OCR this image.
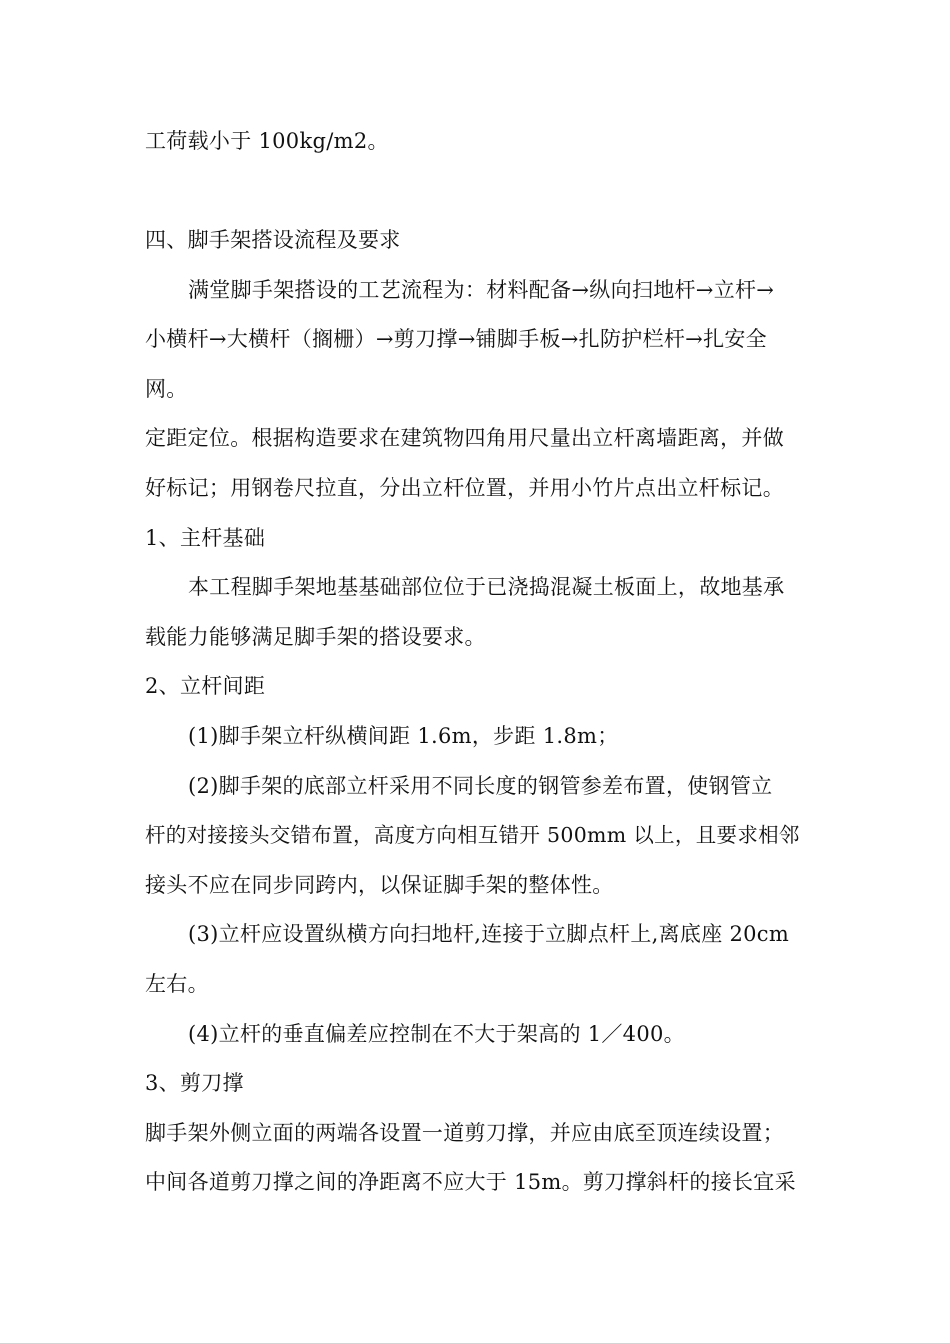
工荷载小于 100kg/m2。
四、脚手架搭设流程及要求
满堂脚手架搭设的工艺流程为：材料配备→纵向扫地杆→立杆→
小横杆→大横杆（搁栅）→剪刀撑→铺脚手板→扎防护栏杆→扎安全
网。
定距定位。根据构造要求在建筑物四角用尺量出立杆离墙距离，并做
好标记；用钢卷尺拉直，分出立杆位置，并用小竹片点出立杆标记。
1、主杆基础
本工程脚手架地基基础部位位于已浇捣混凝土板面上，故地基承
载能力能够满足脚手架的搭设要求。
2、立杆间距
(1)脚手架立杆纵横间距 1.6m，步距 1.8m；
(2)脚手架的底部立杆采用不同长度的钢管参差布置，使钢管立
杆的对接接头交错布置，高度方向相互错开 500mm 以上，且要求相邻
接头不应在同步同跨内，以保证脚手架的整体性。
(3)立杆应设置纵横方向扫地杆,连接于立脚点杆上,离底座 20cm
左右。
(4)立杆的垂直偏差应控制在不大于架高的 1／400。
3、剪刀撑
脚手架外侧立面的两端各设置一道剪刀撑，并应由底至顶连续设置；
中间各道剪刀撑之间的净距离不应大于 15m。剪刀撑斜杆的接长宜采
